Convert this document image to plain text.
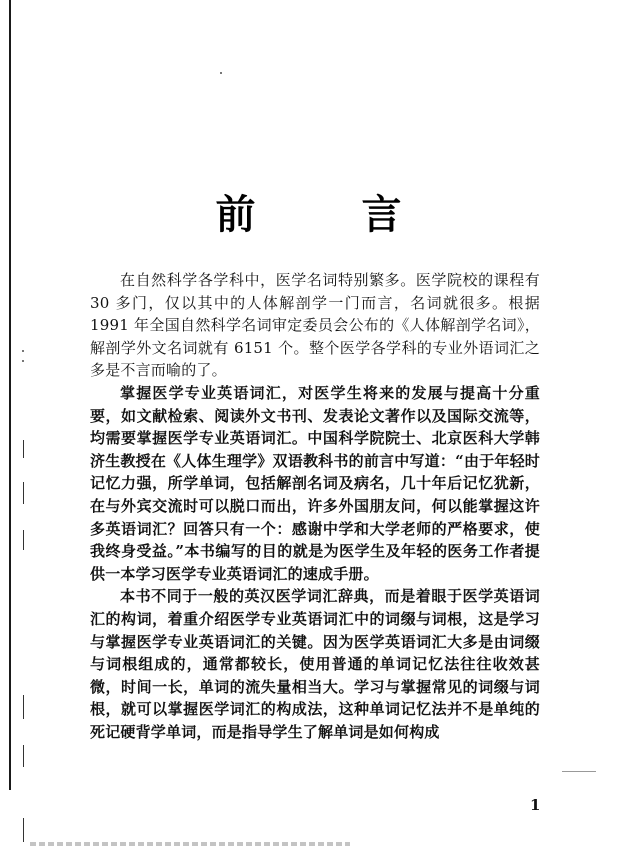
前 言

在自然科学各学科中，医学名词特别繁多。医学院校的课程有 30 多门，仅以其中的人体解剖学一门而言，名词就很多。根据 1991 年全国自然科学名词审定委员会公布的《人体解剖学名词》，解剖学外文名词就有 6151 个。整个医学各学科的专业外语词汇之多是不言而喻的了。

掌握医学专业英语词汇，对医学生将来的发展与提高十分重要，如文献检索、阅读外文书刊、发表论文著作以及国际交流等，均需要掌握医学专业英语词汇。中国科学院院士、北京医科大学韩济生教授在《人体生理学》双语教科书的前言中写道：“由于年轻时记忆力强，所学单词，包括解剖名词及病名，几十年后记忆犹新，在与外宾交流时可以脱口而出，许多外国朋友问，何以能掌握这许多英语词汇？回答只有一个：感谢中学和大学老师的严格要求，使我终身受益。”本书编写的目的就是为医学生及年轻的医务工作者提供一本学习医学专业英语词汇的速成手册。

本书不同于一般的英汉医学词汇辞典，而是着眼于医学英语词汇的构词，着重介绍医学专业英语词汇中的词缀与词根，这是学习与掌握医学专业英语词汇的关键。因为医学英语词汇大多是由词缀与词根组成的，通常都较长，使用普通的单词记忆法往往收效甚微，时间一长，单词的流失量相当大。学习与掌握常见的词缀与词根，就可以掌握医学词汇的构成法，这种单词记忆法并不是单纯的死记硬背学单词，而是指导学生了解单词是如何构成

1
